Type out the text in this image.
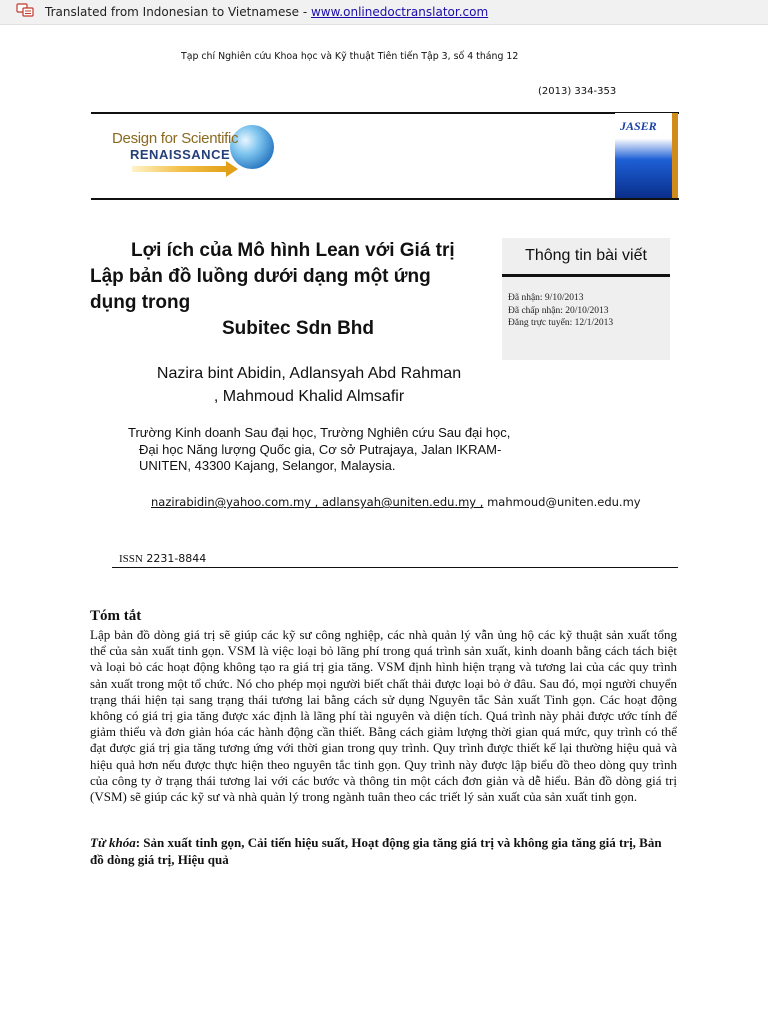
Translated from Indonesian to Vietnamese - www.onlinedoctranslator.com
Tạp chí Nghiên cứu Khoa học và Kỹ thuật Tiên tiến Tập 3, số 4 tháng 12
(2013) 334-353
Design for Scientific
RENAISSANCE
JASER
Lợi ích của Mô hình Lean với Giá trị
Lập bản đồ luồng dưới dạng một ứng
dụng trong
Subitec Sdn Bhd
Thông tin bài viết
Đã nhận: 9/10/2013
Đã chấp nhận: 20/10/2013
Đăng trực tuyến: 12/1/2013
Nazira bint Abidin, Adlansyah Abd Rahman
, Mahmoud Khalid Almsafir
Trường Kinh doanh Sau đại học, Trường Nghiên cứu Sau đại học,
Đại học Năng lượng Quốc gia, Cơ sở Putrajaya, Jalan IKRAM-
UNITEN, 43300 Kajang, Selangor, Malaysia.
nazirabidin@yahoo.com.my , adlansyah@uniten.edu.my , mahmoud@uniten.edu.my
ISSN 2231-8844
Tóm tắt

Lập bản đồ dòng giá trị sẽ giúp các kỹ sư công nghiệp, các nhà quản lý vẫn ủng hộ các kỹ thuật sản xuất tổng thể của sản xuất tinh gọn. VSM là việc loại bỏ lãng phí trong quá trình sản xuất, kinh doanh bằng cách tách biệt và loại bỏ các hoạt động không tạo ra giá trị gia tăng. VSM định hình hiện trạng và tương lai của các quy trình sản xuất trong một tổ chức. Nó cho phép mọi người biết chất thải được loại bỏ ở đâu. Sau đó, mọi người chuyển trạng thái hiện tại sang trạng thái tương lai bằng cách sử dụng Nguyên tắc Sản xuất Tinh gọn. Các hoạt động không có giá trị gia tăng được xác định là lãng phí tài nguyên và diện tích. Quá trình này phải được ước tính để giảm thiểu và đơn giản hóa các hành động cần thiết. Bằng cách giảm lượng thời gian quá mức, quy trình có thể đạt được giá trị gia tăng tương ứng với thời gian trong quy trình. Quy trình được thiết kế lại thường hiệu quả và hiệu quả hơn nếu được thực hiện theo nguyên tắc tinh gọn. Quy trình này được lập biểu đồ theo dòng quy trình của công ty ở trạng thái tương lai với các bước và thông tin một cách đơn giản và dễ hiểu. Bản đồ dòng giá trị (VSM) sẽ giúp các kỹ sư và nhà quản lý trong ngành tuân theo các triết lý sản xuất của sản xuất tinh gọn.

Từ khóa: Sản xuất tinh gọn, Cải tiến hiệu suất, Hoạt động gia tăng giá trị và không gia tăng giá trị, Bản đồ dòng giá trị, Hiệu quả
